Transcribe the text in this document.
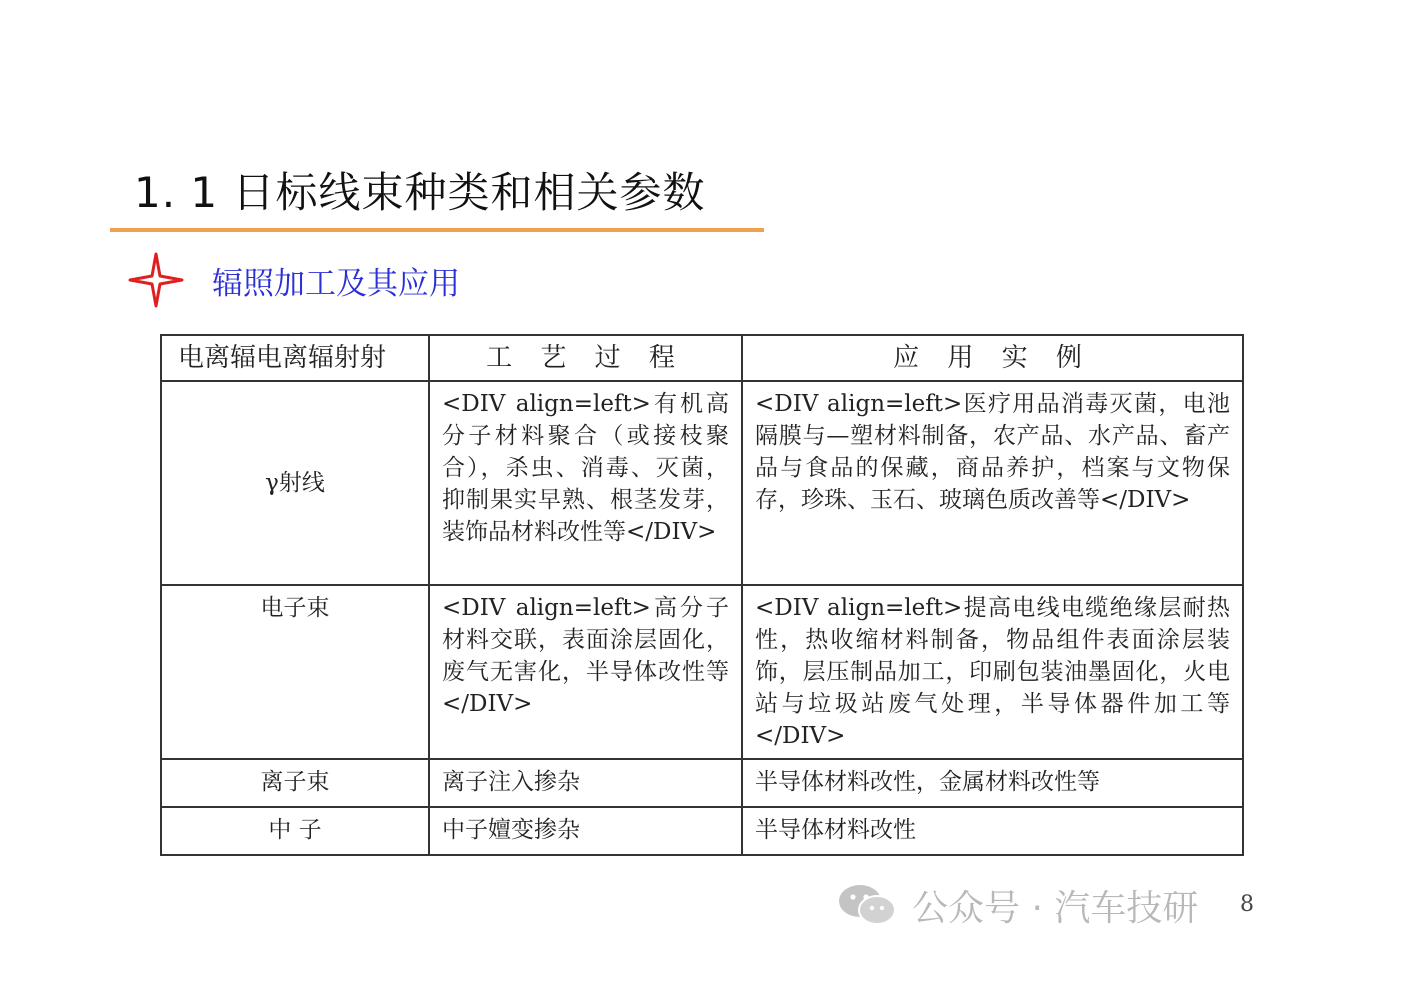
1. 1 日标线束种类和相关参数
辐照加工及其应用
电离辐电离辐射射	工 艺 过 程	应 用 实 例
γ射线	<DIV align=left>有机高分子材料聚合（或接枝聚合），杀虫、消毒、灭菌，抑制果实早熟、根茎发芽，装饰品材料改性等</DIV>	<DIV align=left>医疗用品消毒灭菌，电池隔膜与—塑材料制备，农产品、水产品、畜产品与食品的保藏，商品养护，档案与文物保存，珍珠、玉石、玻璃色质改善等</DIV>
电子束	<DIV align=left>高分子材料交联，表面涂层固化，废气无害化，半导体改性等</DIV>	<DIV align=left>提高电线电缆绝缘层耐热性，热收缩材料制备，物品组件表面涂层装饰，层压制品加工，印刷包装油墨固化，火电站与垃圾站废气处理，半导体器件加工等</DIV>
离子束	离子注入掺杂	半导体材料改性，金属材料改性等
中 子	中子嬗变掺杂	半导体材料改性
公众号 · 汽车技研 8
